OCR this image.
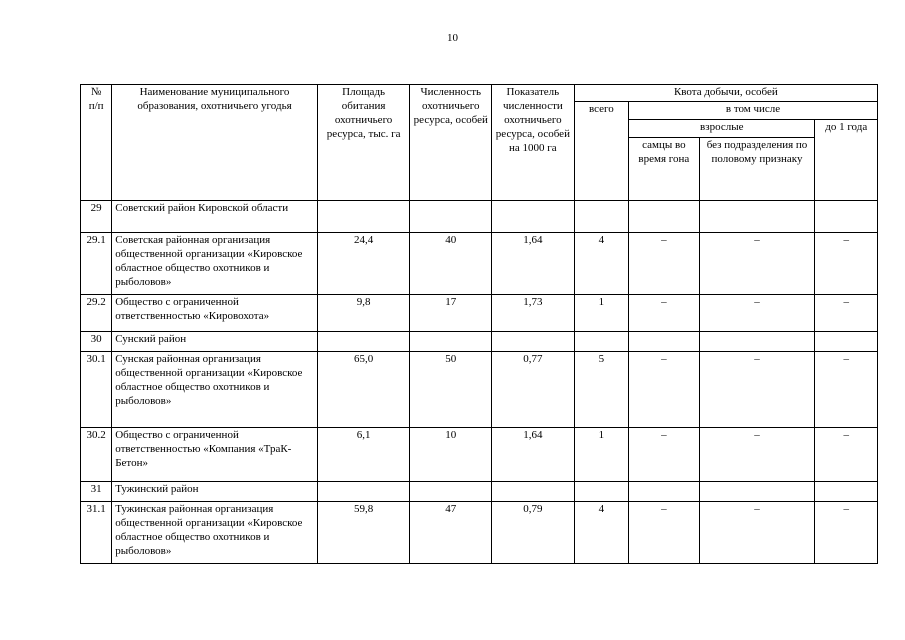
10
№
п/п	Наименование муниципального образования, охотничьего угодья	Площадь обитания охотничьего ресурса, тыс. га	Численность охотничьего ресурса, особей	Показатель численности охотничьего ресурса, особей на 1000 га	Квота добычи, особей			
					всего	в том числе		
						взрослые		до 1 года
						самцы во время гона	без подразделения по половому признаку	
29	Советский район Кировской области							
29.1	Советская районная организация общественной организации «Кировское областное общество охотников и рыболовов»	24,4	40	1,64	4	–	–	–
29.2	Общество с ограниченной ответственностью «Кировохота»	9,8	17	1,73	1	–	–	–
30	Сунский район							
30.1	Сунская районная организация общественной организации «Кировское областное общество охотников и рыболовов»	65,0	50	0,77	5	–	–	–
30.2	Общество с ограниченной ответственностью «Компания «ТраК-Бетон»	6,1	10	1,64	1	–	–	–
31	Тужинский район							
31.1	Тужинская районная организация общественной организации «Кировское областное общество охотников и рыболовов»	59,8	47	0,79	4	–	–	–
